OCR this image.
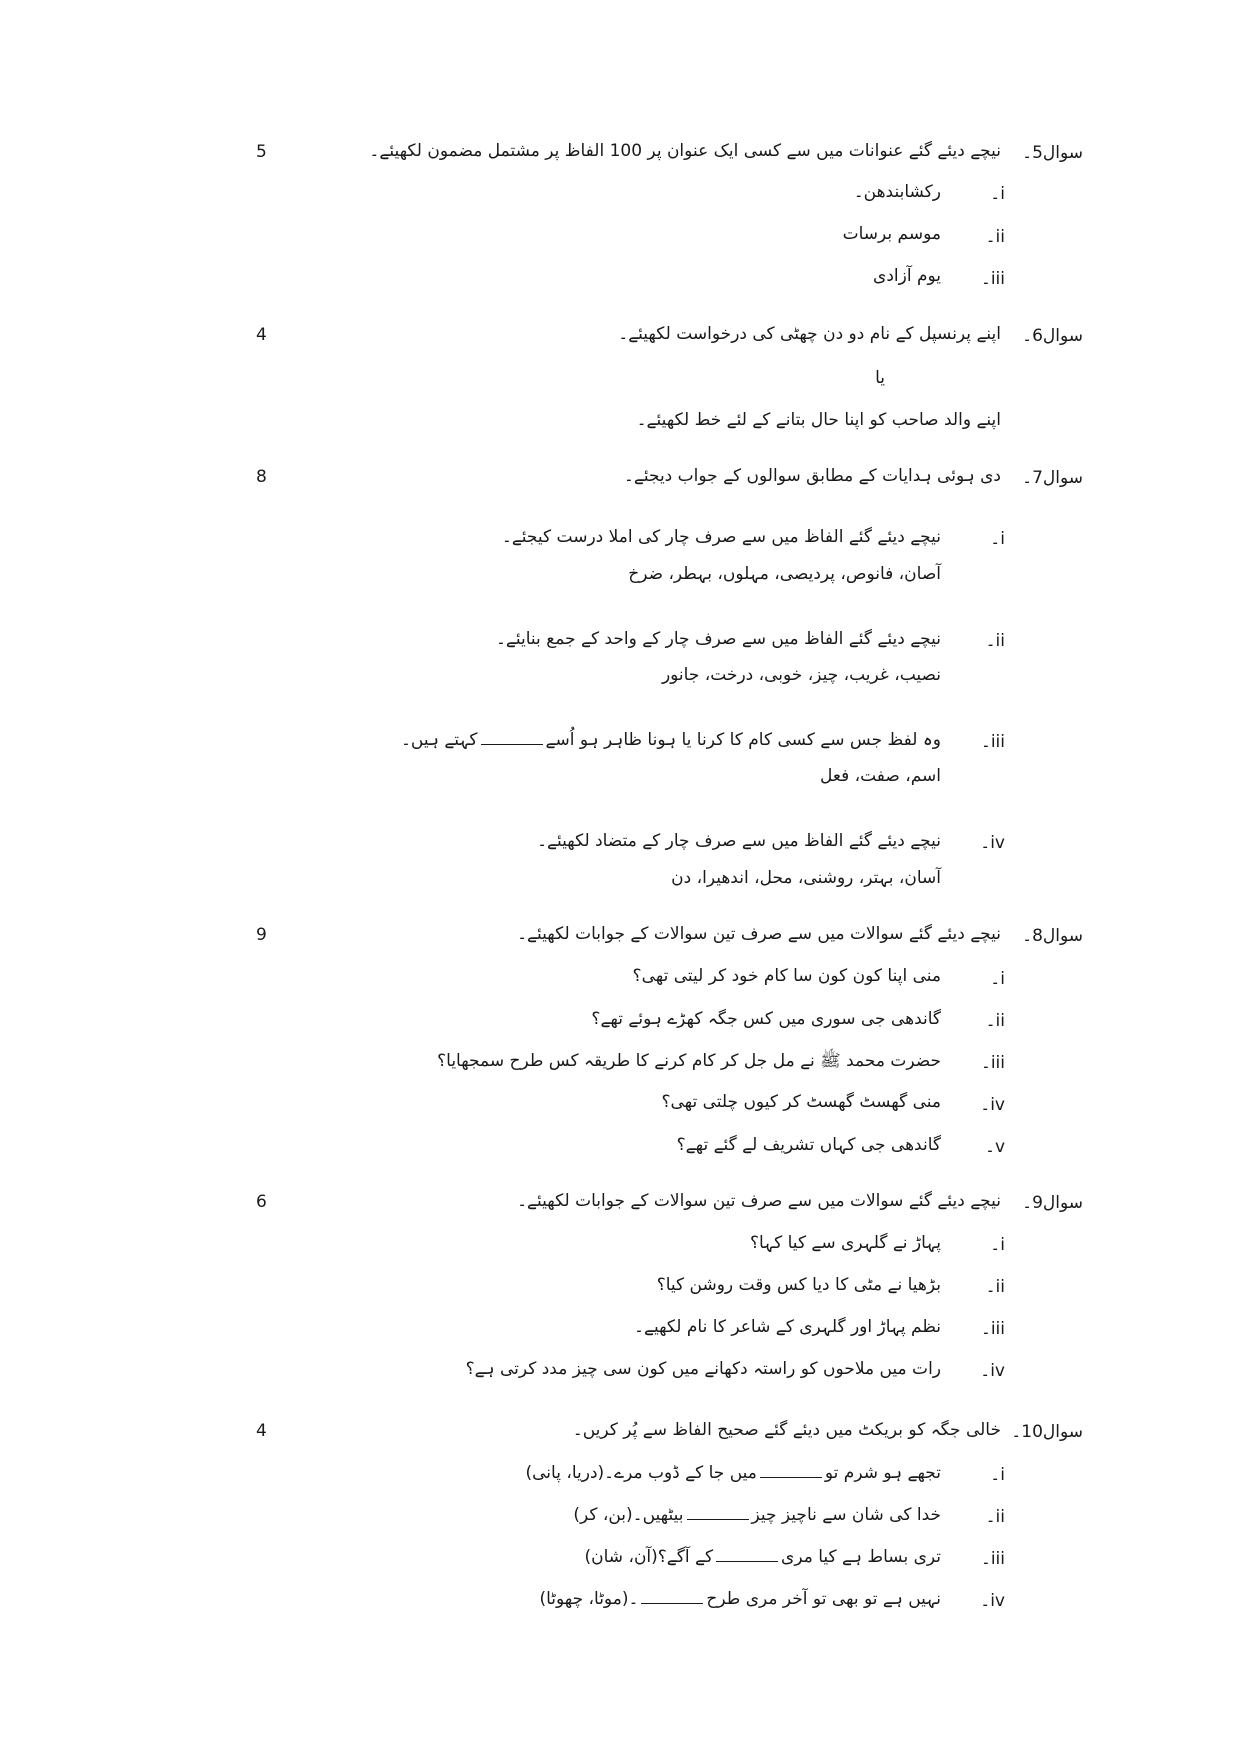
5	سوال5۔
نیچے دیئے گئے عنوانات میں سے کسی ایک عنوان پر 100 الفاظ پر مشتمل مضمون لکھیئے۔
i۔
رکشابندھن۔
ii۔
موسم برسات
iii۔
یوم آزادی
4	سوال6۔
اپنے پرنسپل کے نام دو دن چھٹی کی درخواست لکھیئے۔
یا
اپنے والد صاحب کو اپنا حال بتانے کے لئے خط لکھیئے۔
8	سوال7۔
دی ہوئی ہدایات کے مطابق سوالوں کے جواب دیجئے۔
i۔
نیچے دیئے گئے الفاظ میں سے صرف چار کی املا درست کیجئے۔
آصان، فانوص، پردیصی، مہلوں، بہطر، ضرخ
ii۔
نیچے دیئے گئے الفاظ میں سے صرف چار کے واحد کے جمع بنایئے۔
نصیب، غریب، چیز، خوبی، درخت، جانور
iii۔
وہ لفظ جس سے کسی کام کا کرنا یا ہونا ظاہر ہو اُسےکہتے ہیں۔
اسم، صفت، فعل
iv۔
نیچے دیئے گئے الفاظ میں سے صرف چار کے متضاد لکھیئے۔
آسان، بہتر، روشنی، محل، اندھیرا، دن
9	سوال8۔
نیچے دیئے گئے سوالات میں سے صرف تین سوالات کے جوابات لکھیئے۔
i۔
منی اپنا کون کون سا کام خود کر لیتی تھی؟
ii۔
گاندھی جی سوری میں کس جگہ کھڑے ہوئے تھے؟
iii۔
حضرت محمد ﷺ نے مل جل کر کام کرنے کا طریقہ کس طرح سمجھایا؟
iv۔
منی گھسٹ گھسٹ کر کیوں چلتی تھی؟
v۔
گاندھی جی کہاں تشریف لے گئے تھے؟
6	سوال9۔
نیچے دیئے گئے سوالات میں سے صرف تین سوالات کے جوابات لکھیئے۔
i۔
پہاڑ نے گلہری سے کیا کہا؟
ii۔
بڑھیا نے مٹی کا دیا کس وقت روشن کیا؟
iii۔
نظم پہاڑ اور گلہری کے شاعر کا نام لکھیے۔
iv۔
رات میں ملاحوں کو راستہ دکھانے میں کون سی چیز مدد کرتی ہے؟
4	سوال10۔
خالی جگہ کو بریکٹ میں دیئے گئے صحیح الفاظ سے پُر کریں۔
i۔
تجھے ہو شرم تومیں جا کے ڈوب مرے۔(دریا، پانی)
ii۔
خدا کی شان سے ناچیز چیزبیٹھیں۔(بن، کر)
iii۔
تری بساط ہے کیا مریکے آگے؟(آن، شان)
iv۔
نہیں ہے تو بھی تو آخر مری طرح۔(موٹا، چھوٹا)
